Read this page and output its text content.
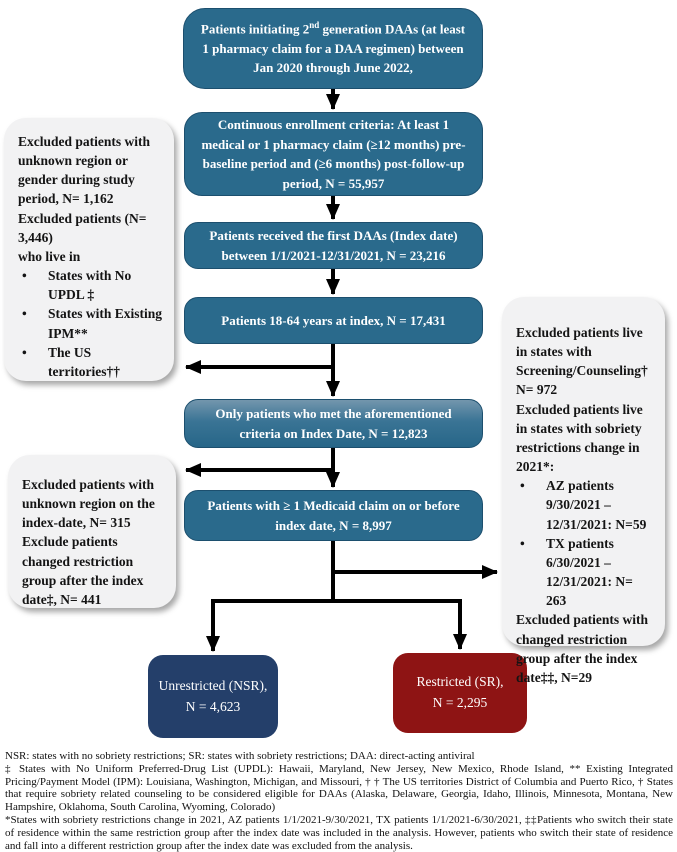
Patients initiating 2nd generation DAAs (at least 1 pharmacy claim for a DAA regimen) between Jan 2020 through June 2022,
Continuous enrollment criteria: At least 1 medical or 1 pharmacy claim (≥12 months) pre-baseline period and (≥6 months) post-follow-up period, N = 55,957
Patients received the first DAAs (Index date) between 1/1/2021-12/31/2021, N = 23,216
Patients 18-64 years at index, N = 17,431
Only patients who met the aforementioned criteria on Index Date, N = 12,823
Patients with ≥ 1 Medicaid claim on or before index date, N = 8,997
Unrestricted (NSR),
N = 4,623
Restricted (SR),
N = 2,295

Excluded patients with unknown region or gender during study period, N= 1,162 Excluded patients (N= 3,446)

who live in

•	States with No UPDL ‡
•	States with Existing IPM**
•	The US territories††

Excluded patients with unknown region on the index-date, N= 315 Exclude patients changed restriction group after the index date‡, N= 441

Excluded patients live in states with Screening/Counseling† N= 972

Excluded patients live in states with sobriety restrictions change in 2021*:

•	AZ patients 9/30/2021 – 12/31/2021: N=59
•	TX patients 6/30/2021 – 12/31/2021: N= 263

Excluded patients with changed restriction group after the index date‡‡, N=29

NSR: states with no sobriety restrictions; SR: states with sobriety restrictions; DAA: direct-acting antiviral

‡ States with No Uniform Preferred-Drug List (UPDL): Hawaii, Maryland, New Jersey, New Mexico, Rhode Island, ** Existing Integrated Pricing/Payment Model (IPM): Louisiana, Washington, Michigan, and Missouri, † † The US territories District of Columbia and Puerto Rico, † States that require sobriety related counseling to be considered eligible for DAAs (Alaska, Delaware, Georgia, Idaho, Illinois, Minnesota, Montana, New Hampshire, Oklahoma, South Carolina, Wyoming, Colorado)

*States with sobriety restrictions change in 2021, AZ patients 1/1/2021-9/30/2021, TX patients 1/1/2021-6/30/2021, ‡‡Patients who switch their state of residence within the same restriction group after the index date was included in the analysis. However, patients who switch their state of residence and fall into a different restriction group after the index date was excluded from the analysis.
